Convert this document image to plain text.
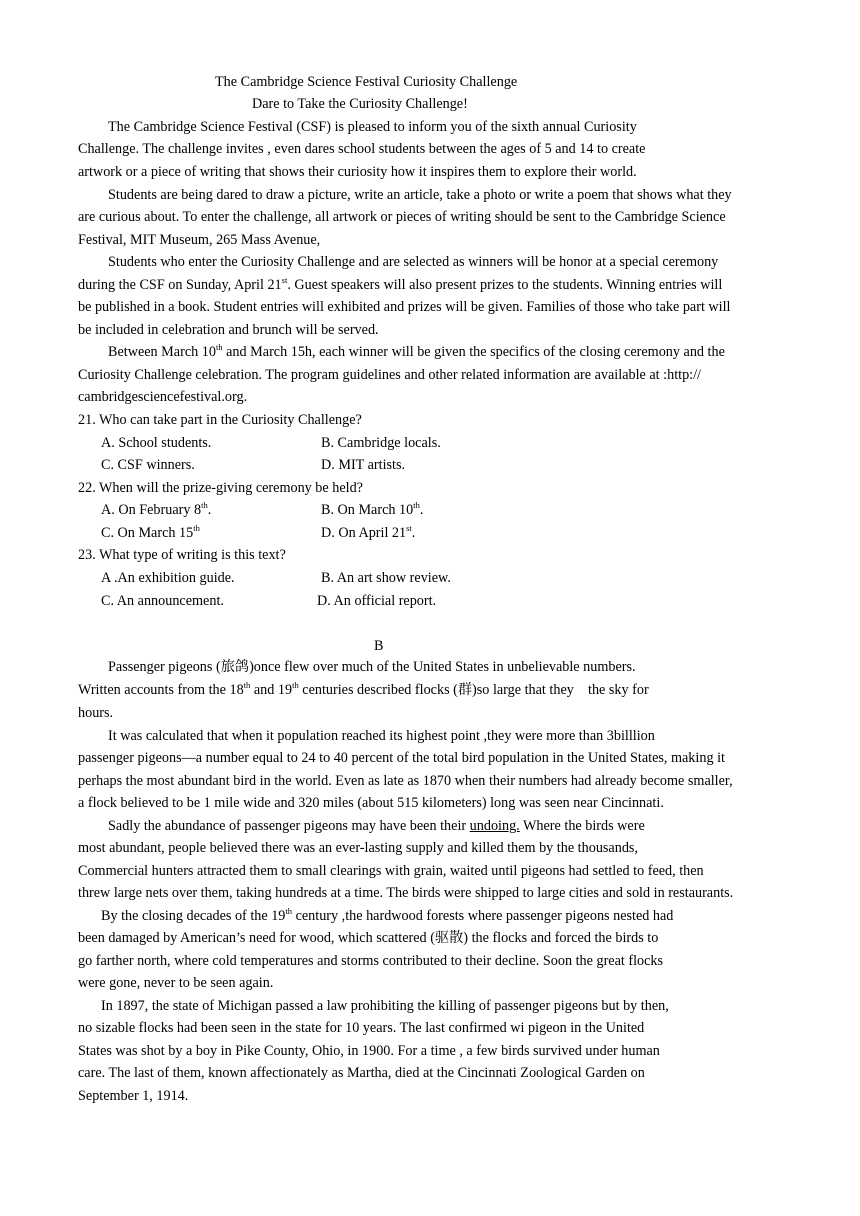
The Cambridge Science Festival Curiosity Challenge
Dare to Take the Curiosity Challenge!
The Cambridge Science Festival (CSF) is pleased to inform you of the sixth annual Curiosity
Challenge. The challenge invites , even dares school students between the ages of 5 and 14 to create
artwork or a piece of writing that shows their curiosity how it inspires them to explore their world.
Students are being dared to draw a picture, write an article, take a photo or write a poem that shows what they
are curious about. To enter the challenge, all artwork or pieces of writing should be sent to the Cambridge Science
Festival, MIT Museum, 265 Mass Avenue,
Students who enter the Curiosity Challenge and are selected as winners will be honor at a special ceremony
during the CSF on Sunday, April 21st. Guest speakers will also present prizes to the students. Winning entries will
be published in a book. Student entries will exhibited and prizes will be given. Families of those who take part will
be included in celebration and brunch will be served.
Between March 10th and March 15h, each winner will be given the specifics of the closing ceremony and the
Curiosity Challenge celebration. The program guidelines and other related information are available at :http://
cambridgesciencefestival.org.
21. Who can take part in the Curiosity Challenge?
A. School students.	B. Cambridge locals.
C. CSF winners.	D. MIT artists.
22. When will the prize-giving ceremony be held?
A. On February 8th.	B. On March 10th.
C. On March 15th	D. On April 21st.
23. What type of writing is this text?
A .An exhibition guide.	B. An art show review.
C. An announcement.	D. An official report.
B
Passenger pigeons (旅鸽)once flew over much of the United States in unbelievable numbers.
Written accounts from the 18th and 19th centuries described flocks (群)so large that they    the sky for
hours.
It was calculated that when it population reached its highest point ,they were more than 3billlion
passenger pigeons—a number equal to 24 to 40 percent of the total bird population in the United States, making it
perhaps the most abundant bird in the world. Even as late as 1870 when their numbers had already become smaller,
a flock believed to be 1 mile wide and 320 miles (about 515 kilometers) long was seen near Cincinnati.
Sadly the abundance of passenger pigeons may have been their undoing. Where the birds were
most abundant, people believed there was an ever-lasting supply and killed them by the thousands,
Commercial hunters attracted them to small clearings with grain, waited until pigeons had settled to feed, then
threw large nets over them, taking hundreds at a time. The birds were shipped to large cities and sold in restaurants.
By the closing decades of the 19th century ,the hardwood forests where passenger pigeons nested had
been damaged by American’s need for wood, which scattered (驱散) the flocks and forced the birds to
go farther north, where cold temperatures and storms contributed to their decline. Soon the great flocks
were gone, never to be seen again.
In 1897, the state of Michigan passed a law prohibiting the killing of passenger pigeons but by then,
no sizable flocks had been seen in the state for 10 years. The last confirmed wi pigeon in the United
States was shot by a boy in Pike County, Ohio, in 1900. For a time , a few birds survived under human
care. The last of them, known affectionately as Martha, died at the Cincinnati Zoological Garden on
September 1, 1914.
